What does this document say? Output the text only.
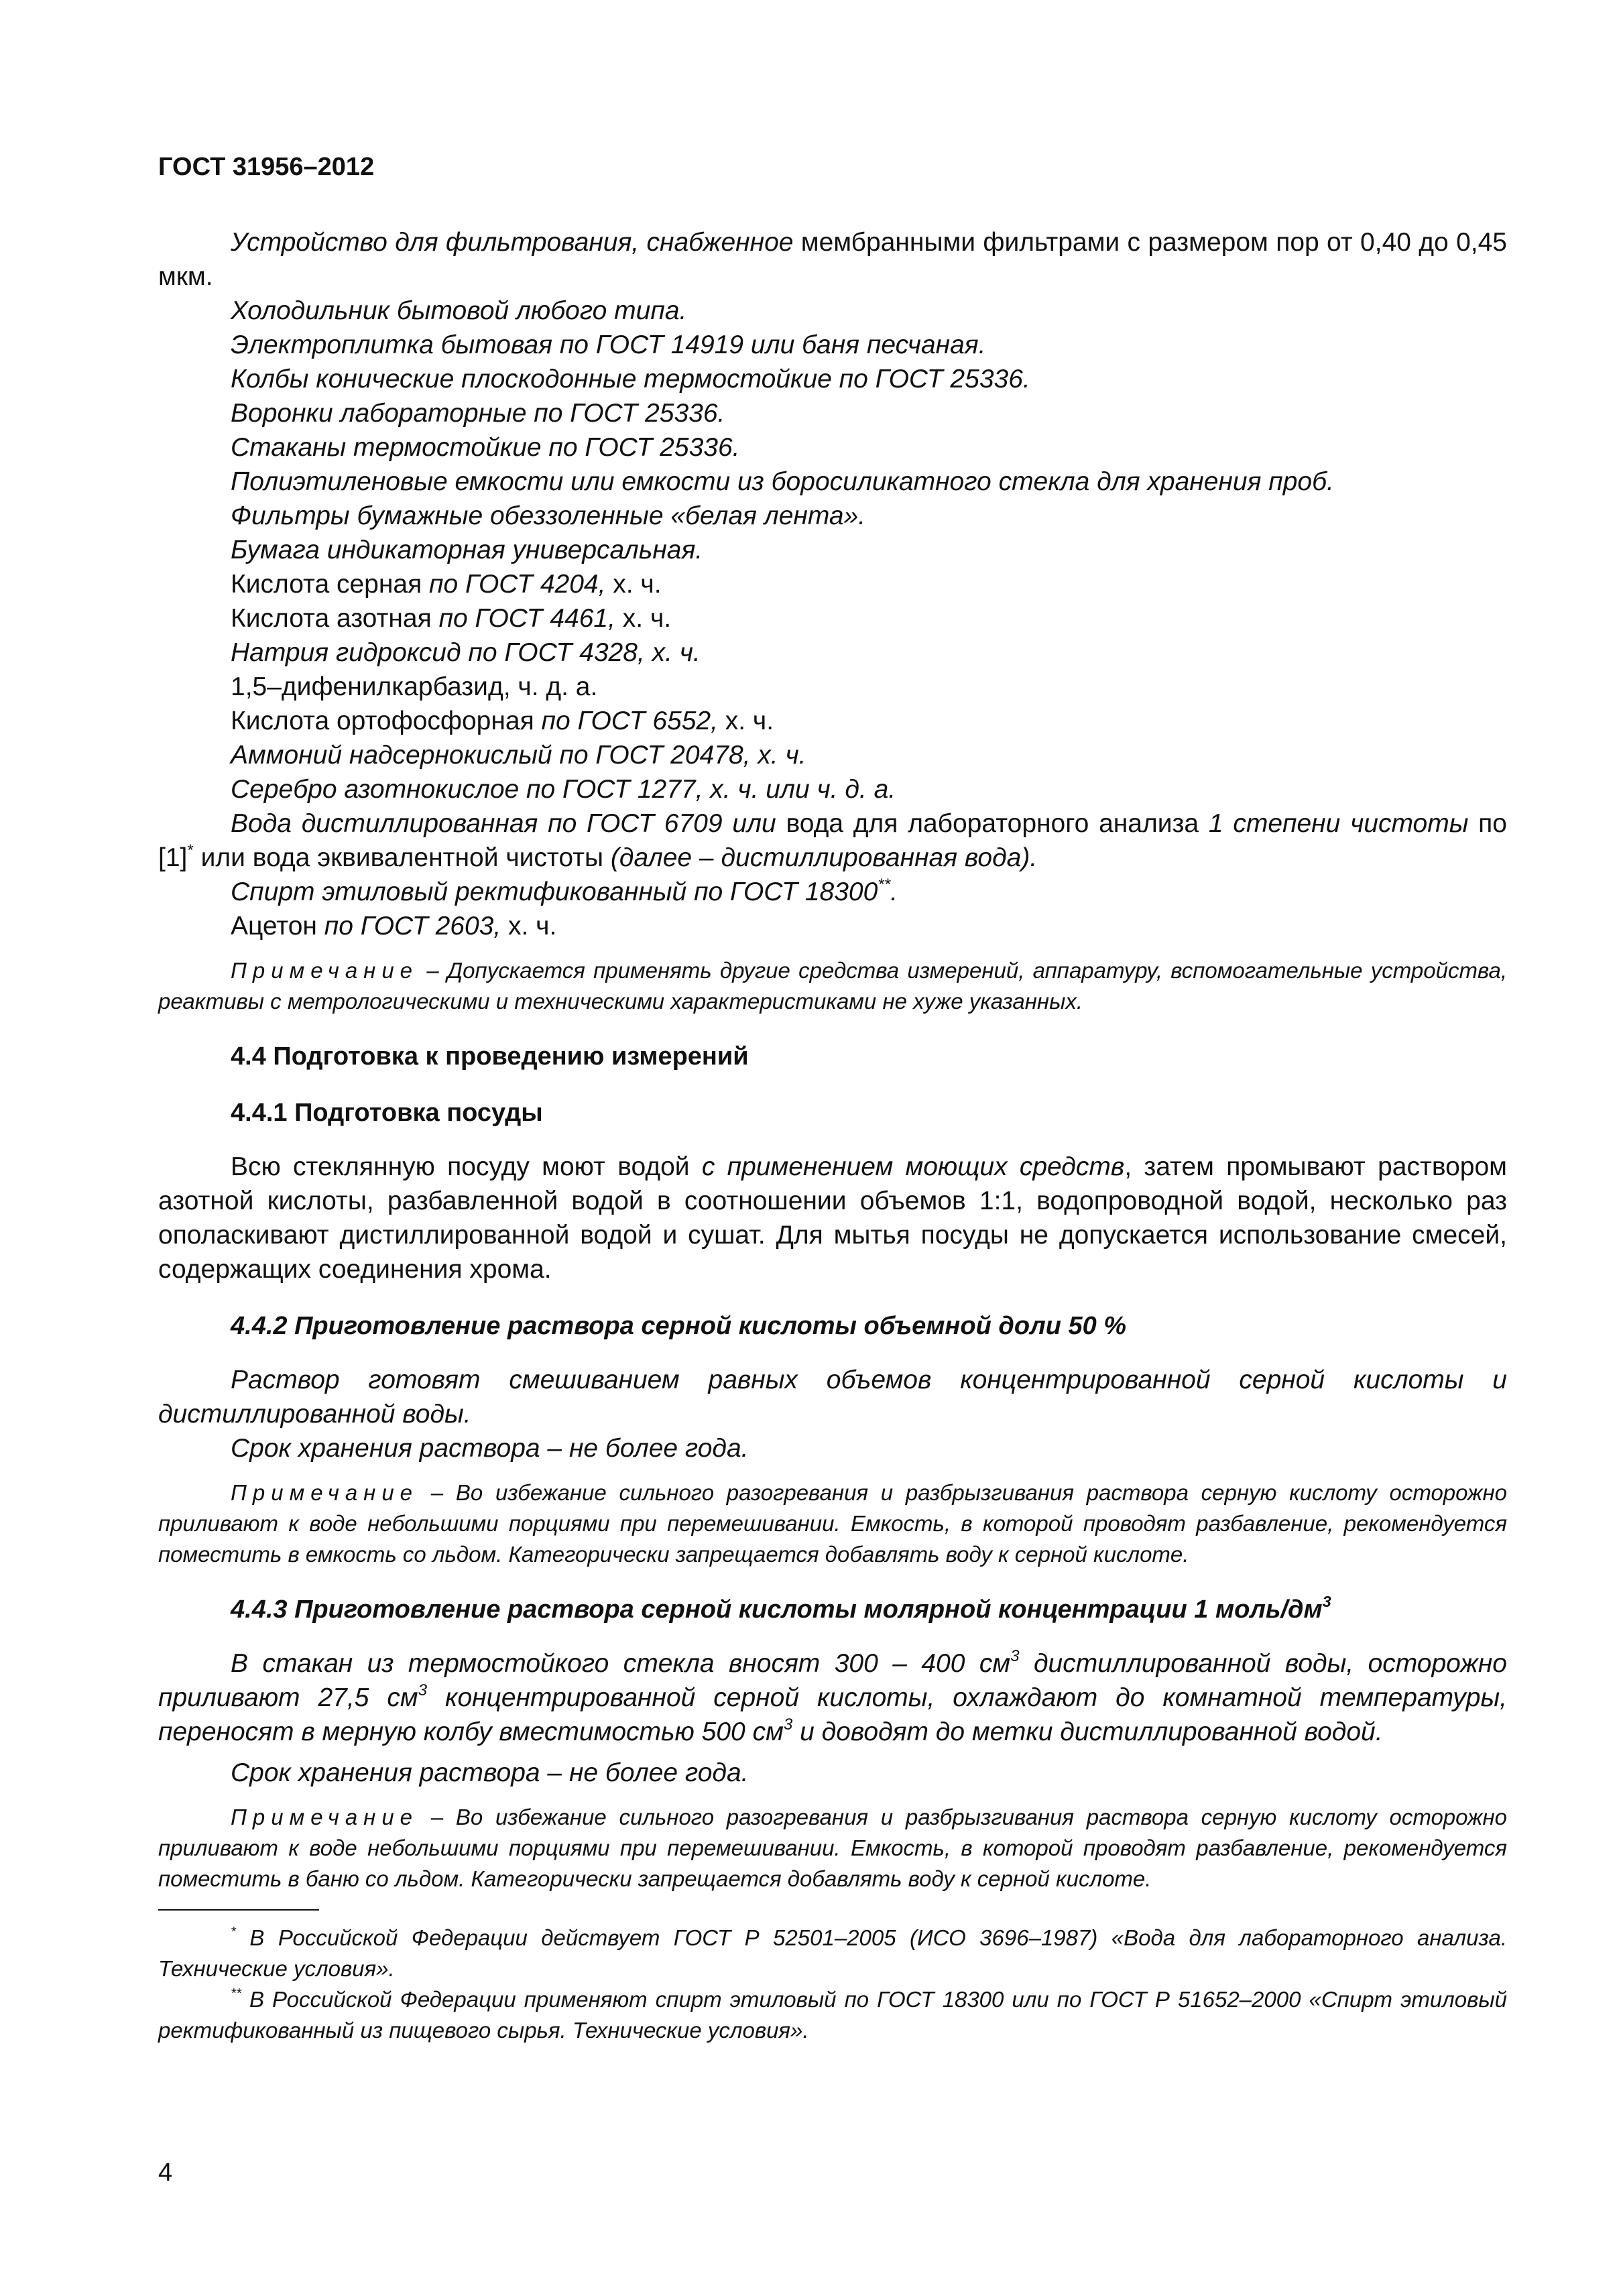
ГОСТ 31956–2012

Устройство для фильтрования, снабженное мембранными фильтрами с размером пор от 0,40 до 0,45 мкм.

Холодильник бытовой любого типа.

Электроплитка бытовая по ГОСТ 14919 или баня песчаная.

Колбы конические плоскодонные термостойкие по ГОСТ 25336.

Воронки лабораторные по ГОСТ 25336.

Стаканы термостойкие по ГОСТ 25336.

Полиэтиленовые емкости или емкости из боросиликатного стекла для хранения проб.

Фильтры бумажные обеззоленные «белая лента».

Бумага индикаторная универсальная.

Кислота серная по ГОСТ 4204, х. ч.

Кислота азотная по ГОСТ 4461, х. ч.

Натрия гидроксид по ГОСТ 4328, х. ч.

1,5–дифенилкарбазид, ч. д. а.

Кислота ортофосфорная по ГОСТ 6552, х. ч.

Аммоний надсернокислый по ГОСТ 20478, х. ч.

Серебро азотнокислое по ГОСТ 1277, х. ч. или ч. д. а.

Вода дистиллированная по ГОСТ 6709 или вода для лабораторного анализа 1 степени чистоты по [1]* или вода эквивалентной чистоты (далее – дистиллированная вода).

Спирт этиловый ректификованный по ГОСТ 18300**.

Ацетон по ГОСТ 2603, х. ч.

Примечание – Допускается применять другие средства измерений, аппаратуру, вспомогательные устройства, реактивы с метрологическими и техническими характеристиками не хуже указанных.

4.4 Подготовка к проведению измерений

4.4.1 Подготовка посуды

Всю стеклянную посуду моют водой с применением моющих средств, затем промывают раствором азотной кислоты, разбавленной водой в соотношении объемов 1:1, водопроводной водой, несколько раз ополаскивают дистиллированной водой и сушат. Для мытья посуды не допускается использование смесей, содержащих соединения хрома.

4.4.2 Приготовление раствора серной кислоты объемной доли 50 %

Раствор готовят смешиванием равных объемов концентрированной серной кислоты и дистиллированной воды.

Срок хранения раствора – не более года.

Примечание – Во избежание сильного разогревания и разбрызгивания раствора серную кислоту осторожно приливают к воде небольшими порциями при перемешивании. Емкость, в которой проводят разбавление, рекомендуется поместить в емкость со льдом. Категорически запрещается добавлять воду к серной кислоте.

4.4.3 Приготовление раствора серной кислоты молярной концентрации 1 моль/$дм^3$

В стакан из термостойкого стекла вносят 300 – 400 $см^3$ дистиллированной воды, осторожно приливают 27,5 $см^3$ концентрированной серной кислоты, охлаждают до комнатной температуры, переносят в мерную колбу вместимостью 500 $см^3$ и доводят до метки дистиллированной водой.

Срок хранения раствора – не более года.

Примечание – Во избежание сильного разогревания и разбрызгивания раствора серную кислоту осторожно приливают к воде небольшими порциями при перемешивании. Емкость, в которой проводят разбавление, рекомендуется поместить в баню со льдом. Категорически запрещается добавлять воду к серной кислоте.

* В Российской Федерации действует ГОСТ Р 52501–2005 (ИСО 3696–1987) «Вода для лабораторного анализа. Технические условия».

** В Российской Федерации применяют спирт этиловый по ГОСТ 18300 или по ГОСТ Р 51652–2000 «Спирт этиловый ректификованный из пищевого сырья. Технические условия».

4
